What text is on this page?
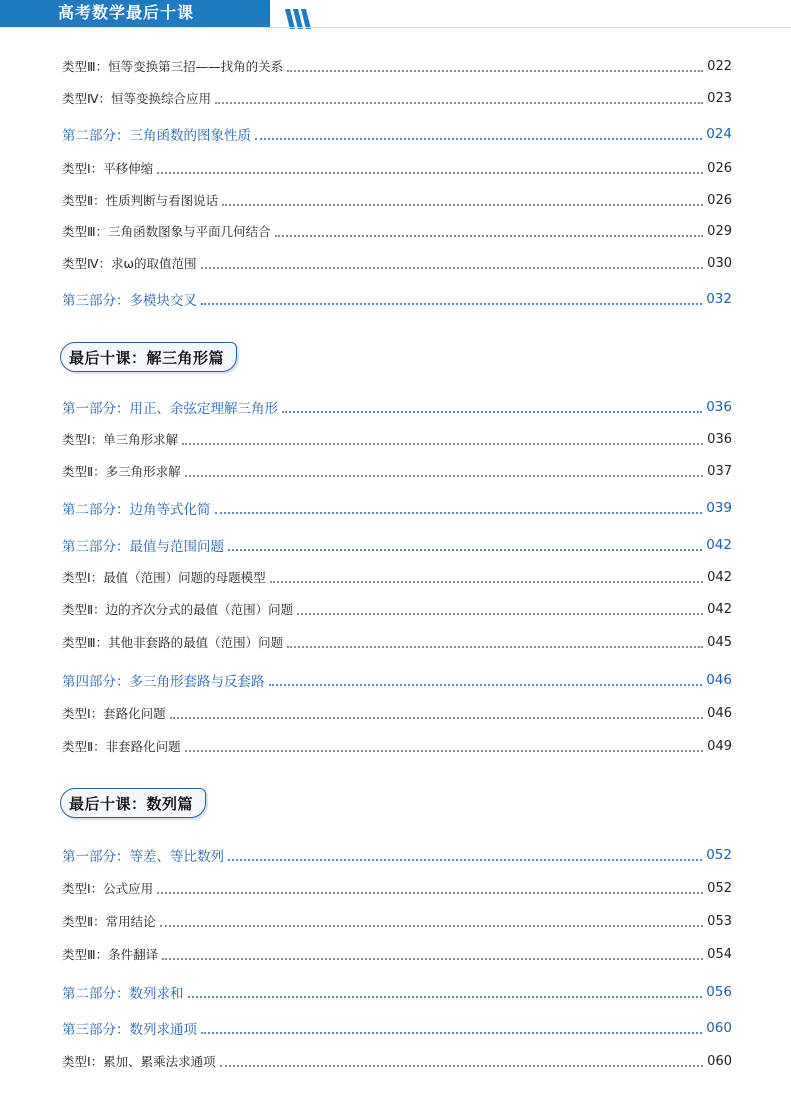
高考数学最后十课
类型Ⅲ：恒等变换第三招——找角的关系	022
类型Ⅳ：恒等变换综合应用	023
第二部分：三角函数的图象性质	024
类型Ⅰ：平移伸缩	026
类型Ⅱ：性质判断与看图说话	026
类型Ⅲ：三角函数图象与平面几何结合	029
类型Ⅳ：求ω的取值范围	030
第三部分：多模块交叉	032
最后十课：解三角形篇
第一部分：用正、余弦定理解三角形	036
类型Ⅰ：单三角形求解	036
类型Ⅱ：多三角形求解	037
第二部分：边角等式化简	039
第三部分：最值与范围问题	042
类型Ⅰ：最值（范围）问题的母题模型	042
类型Ⅱ：边的齐次分式的最值（范围）问题	042
类型Ⅲ：其他非套路的最值（范围）问题	045
第四部分：多三角形套路与反套路	046
类型Ⅰ：套路化问题	046
类型Ⅱ：非套路化问题	049
最后十课：数列篇
第一部分：等差、等比数列	052
类型Ⅰ：公式应用	052
类型Ⅱ：常用结论	053
类型Ⅲ：条件翻译	054
第二部分：数列求和	056
第三部分：数列求通项	060
类型Ⅰ：累加、累乘法求通项	060
